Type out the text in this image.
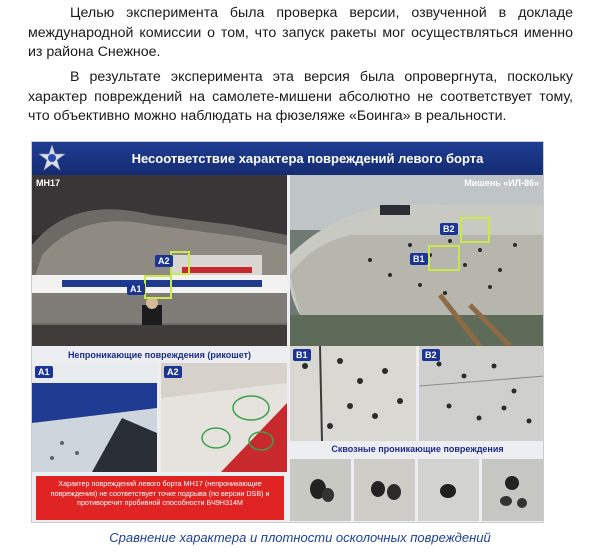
Целью эксперимента была проверка версии, озвученной в докладе международной комиссии о том, что запуск ракеты мог осуществляться именно из района Снежное.

В результате эксперимента эта версия была опровергнута, поскольку характер повреждений на самолете-мишени абсолютно не соответствует тому, что объективно можно наблюдать на фюзеляже «Боинга» в реальности.

Несоответствие характера повреждений левого борта
MH17
A1
A2
Мишень «ИЛ-86»
B2
B1
Непроникающие повреждения (рикошет)
A1	A2
B1	B2
Сквозные проникающие повреждения
Характер повреждений левого борта MH17 (непроникающие повреждения) не соответствует точке подрыва (по версии DSB) и противоречит пробивной способности БЧ9Н314М
Сравнение характера и плотности осколочных повреждений
